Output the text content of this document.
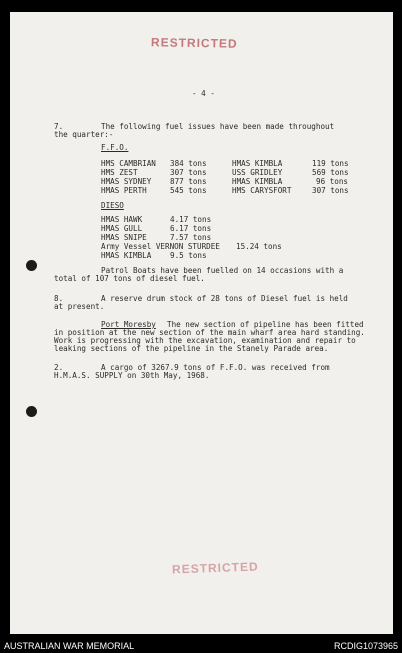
RESTRICTED
- 4 -
7.	The following fuel issues have been made throughout
the quarter:-
F.F.O.
HMS CAMBRIAN 384 tons	HMAS KIMBLA	119 tons
HMS ZEST	307 tons	USS GRIDLEY	569 tons
HMAS SYDNEY 877 tons	HMAS KIMBLA	96 tons
HMAS PERTH	545 tons	HMS CARYSFORT	307 tons
DIESO
HMAS HAWK	4.17 tons
HMAS GULL	6.17 tons
HMAS SNIPE	7.57 tons
Army Vessel VERNON STURDEE 15.24 tons
HMAS KIMBLA 9.5 tons
Patrol Boats have been fuelled on 14 occasions with a
total of 107 tons of diesel fuel.
8.	A reserve drum stock of 28 tons of Diesel fuel is held
at present.
Port Moresby The new section of pipeline has been fitted
in position at the new section of the main wharf area hard standing.
Work is progressing with the excavation, examination and repair to
leaking sections of the pipeline in the Stanely Parade area.
2.	A cargo of 3267.9 tons of F.F.O. was received from
H.M.A.S. SUPPLY on 30th May, 1968.
RESTRICTED
AUSTRALIAN WAR MEMORIAL	RCDIG1073965
